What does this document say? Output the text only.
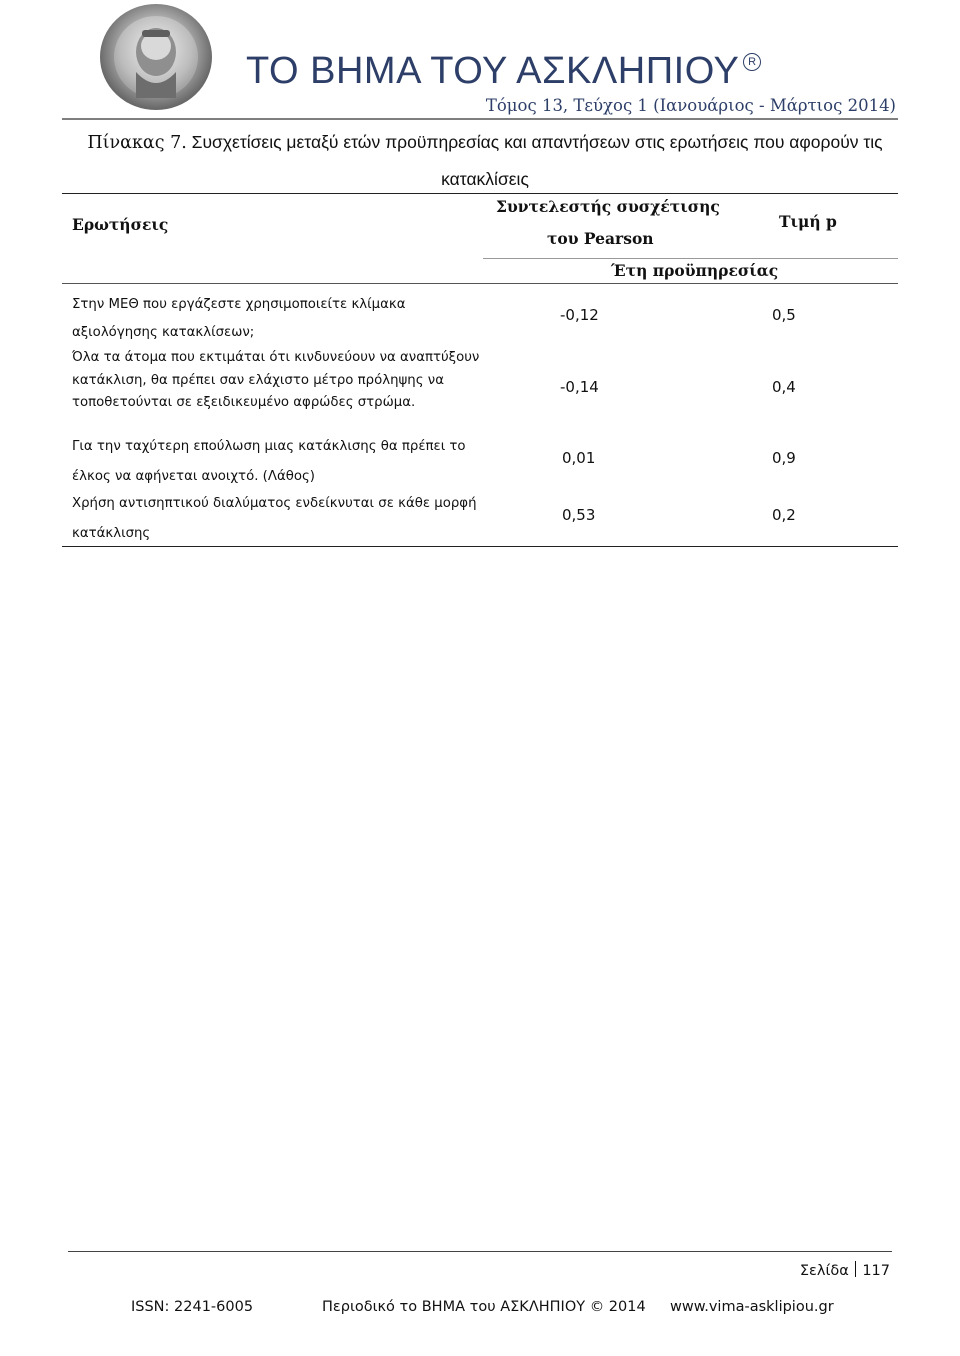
ΤΟ ΒΗΜΑ ΤΟΥ ΑΣΚΛΗΠΙΟΥ R
Τόμος 13, Τεύχος 1 (Ιανουάριος - Μάρτιος 2014)
Πίνακας 7. Συσχετίσεις μεταξύ ετών προϋπηρεσίας και απαντήσεων στις ερωτήσεις που αφορούν τις κατακλίσεις
Ερωτήσεις
Συντελεστής συσχέτισης
του Pearson
Τιμή p
Έτη προϋπηρεσίας
Στην ΜΕΘ που εργάζεστε χρησιμοποιείτε κλίμακα αξιολόγησης κατακλίσεων;
-0,12	0,5
Όλα τα άτομα που εκτιμάται ότι κινδυνεύουν να αναπτύξουν κατάκλιση, θα πρέπει σαν ελάχιστο μέτρο πρόληψης να τοποθετούνται σε εξειδικευμένο αφρώδες στρώμα.
-0,14	0,4
Για την ταχύτερη επούλωση μιας κατάκλισης θα πρέπει το έλκος να αφήνεται ανοιχτό. (Λάθος)
0,01	0,9
Χρήση αντισηπτικού διαλύματος ενδείκνυται σε κάθε μορφή κατάκλισης
0,53	0,2
Σελίδα 117
ISSN: 2241-6005	Περιοδικό το ΒΗΜΑ του ΑΣΚΛΗΠΙΟΥ © 2014 www.vima-asklipiou.gr
